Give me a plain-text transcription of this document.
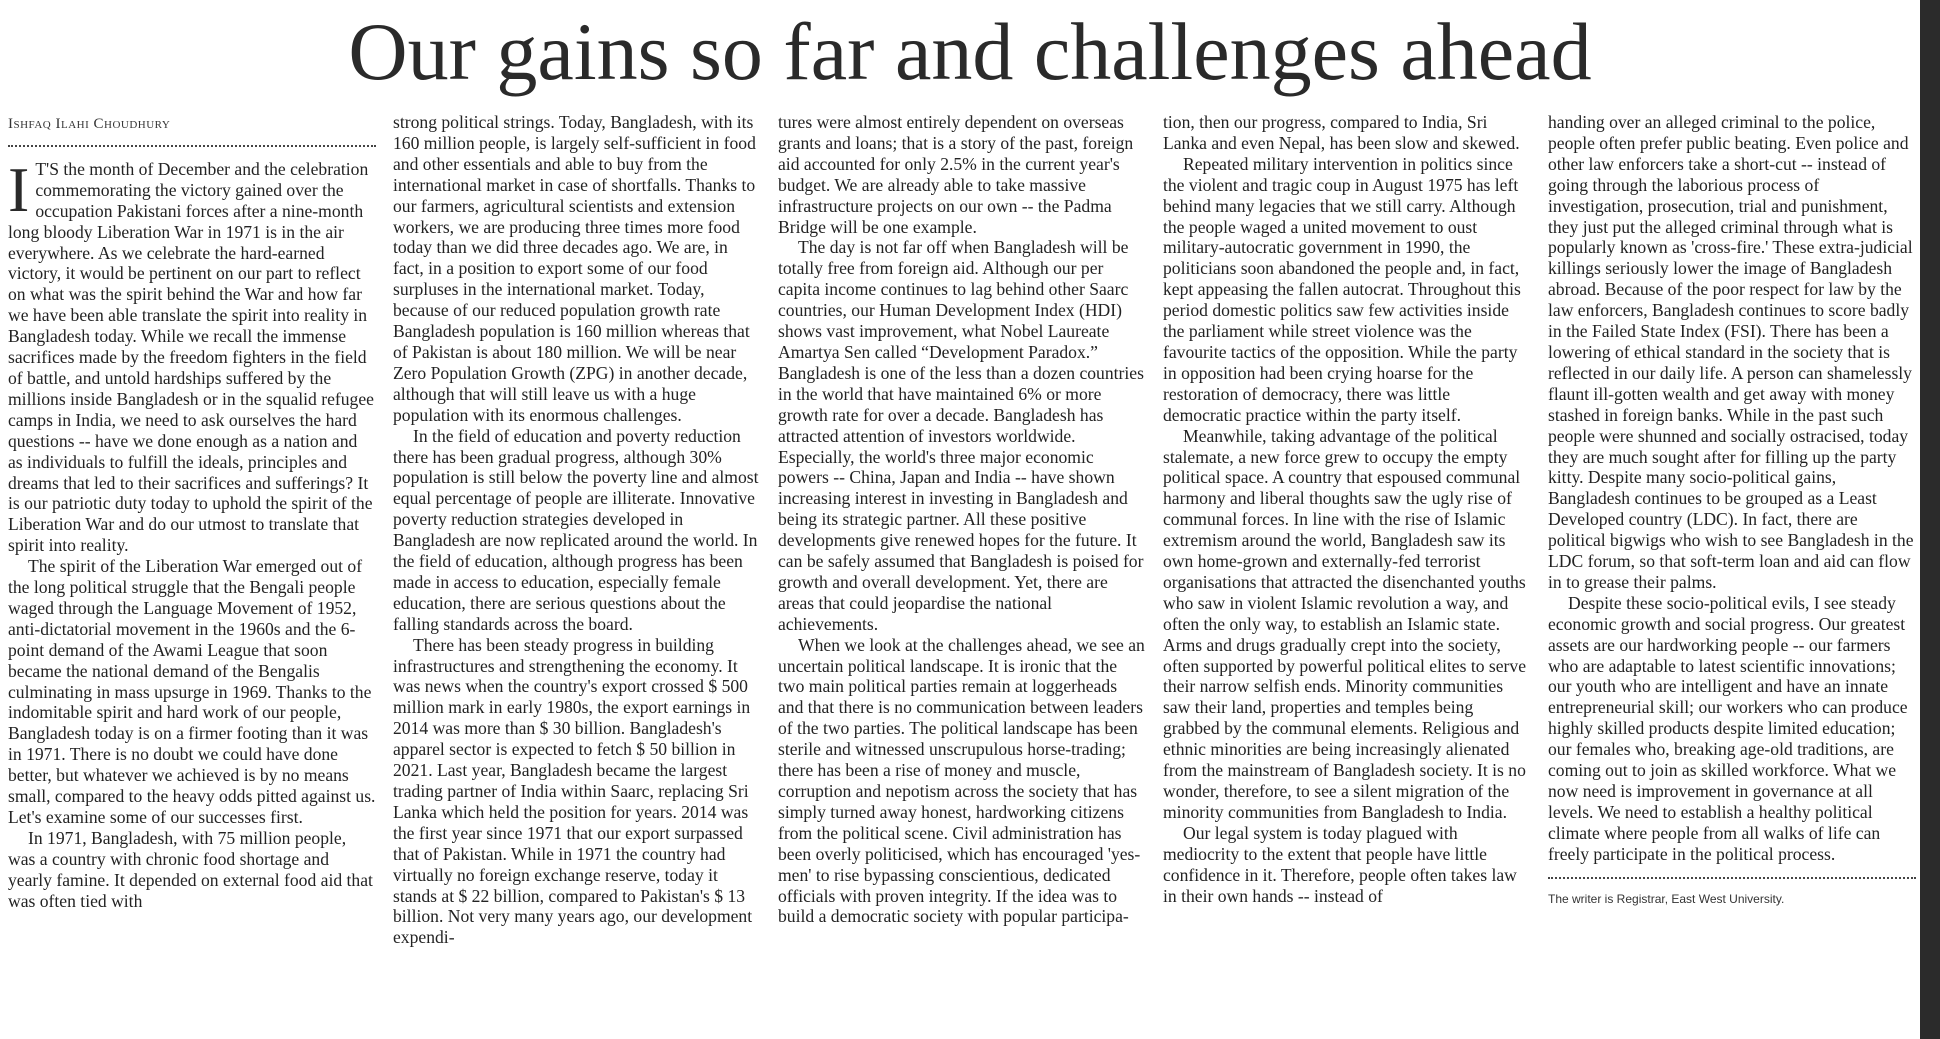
Our gains so far and challenges ahead
Ishfaq Ilahi Choudhury
I T'S the month of December and the celebration commemorating the victory gained over the occupation Pakistani forces after a nine-month long bloody Liberation War in 1971 is in the air everywhere. As we celebrate the hard-earned victory, it would be pertinent on our part to reflect on what was the spirit behind the War and how far we have been able translate the spirit into reality in Bangladesh today. While we recall the immense sacrifices made by the freedom fighters in the field of battle, and untold hardships suffered by the millions inside Bangladesh or in the squalid refugee camps in India, we need to ask ourselves the hard questions -- have we done enough as a nation and as individuals to fulfill the ideals, principles and dreams that led to their sacrifices and sufferings? It is our patriotic duty today to uphold the spirit of the Liberation War and do our utmost to translate that spirit into reality.

The spirit of the Liberation War emerged out of the long political struggle that the Bengali people waged through the Language Movement of 1952, anti-dictatorial movement in the 1960s and the 6-point demand of the Awami League that soon became the national demand of the Bengalis culminating in mass upsurge in 1969. Thanks to the indomitable spirit and hard work of our people, Bangladesh today is on a firmer footing than it was in 1971. There is no doubt we could have done better, but whatever we achieved is by no means small, compared to the heavy odds pitted against us. Let's examine some of our successes first.

In 1971, Bangladesh, with 75 million people, was a country with chronic food shortage and yearly famine. It depended on external food aid that was often tied with

strong political strings. Today, Bangladesh, with its 160 million people, is largely self-sufficient in food and other essentials and able to buy from the international market in case of shortfalls. Thanks to our farmers, agricultural scientists and extension workers, we are producing three times more food today than we did three decades ago. We are, in fact, in a position to export some of our food surpluses in the international market. Today, because of our reduced population growth rate Bangladesh population is 160 million whereas that of Pakistan is about 180 million. We will be near Zero Population Growth (ZPG) in another decade, although that will still leave us with a huge population with its enormous challenges.

In the field of education and poverty reduction there has been gradual progress, although 30% population is still below the poverty line and almost equal percentage of people are illiterate. Innovative poverty reduction strategies developed in Bangladesh are now replicated around the world. In the field of education, although progress has been made in access to education, especially female education, there are serious questions about the falling standards across the board.

There has been steady progress in building infrastructures and strengthening the economy. It was news when the country's export crossed $ 500 million mark in early 1980s, the export earnings in 2014 was more than $ 30 billion. Bangladesh's apparel sector is expected to fetch $ 50 billion in 2021. Last year, Bangladesh became the largest trading partner of India within Saarc, replacing Sri Lanka which held the position for years. 2014 was the first year since 1971 that our export surpassed that of Pakistan. While in 1971 the country had virtually no foreign exchange reserve, today it stands at $ 22 billion, compared to Pakistan's $ 13 billion. Not very many years ago, our development expendi-

tures were almost entirely dependent on overseas grants and loans; that is a story of the past, foreign aid accounted for only 2.5% in the current year's budget. We are already able to take massive infrastructure projects on our own -- the Padma Bridge will be one example.

The day is not far off when Bangladesh will be totally free from foreign aid. Although our per capita income continues to lag behind other Saarc countries, our Human Development Index (HDI) shows vast improvement, what Nobel Laureate Amartya Sen called “Development Paradox.” Bangladesh is one of the less than a dozen countries in the world that have maintained 6% or more growth rate for over a decade. Bangladesh has attracted attention of investors worldwide. Especially, the world's three major economic powers -- China, Japan and India -- have shown increasing interest in investing in Bangladesh and being its strategic partner. All these positive developments give renewed hopes for the future. It can be safely assumed that Bangladesh is poised for growth and overall development. Yet, there are areas that could jeopardise the national achievements.

When we look at the challenges ahead, we see an uncertain political landscape. It is ironic that the two main political parties remain at loggerheads and that there is no communication between leaders of the two parties. The political landscape has been sterile and witnessed unscrupulous horse-trading; there has been a rise of money and muscle, corruption and nepotism across the society that has simply turned away honest, hardworking citizens from the political scene. Civil administration has been overly politicised, which has encouraged 'yes-men' to rise bypassing conscientious, dedicated officials with proven integrity. If the idea was to build a democratic society with popular participa-

tion, then our progress, compared to India, Sri Lanka and even Nepal, has been slow and skewed.

Repeated military intervention in politics since the violent and tragic coup in August 1975 has left behind many legacies that we still carry. Although the people waged a united movement to oust military-autocratic government in 1990, the politicians soon abandoned the people and, in fact, kept appeasing the fallen autocrat. Throughout this period domestic politics saw few activities inside the parliament while street violence was the favourite tactics of the opposition. While the party in opposition had been crying hoarse for the restoration of democracy, there was little democratic practice within the party itself.

Meanwhile, taking advantage of the political stalemate, a new force grew to occupy the empty political space. A country that espoused communal harmony and liberal thoughts saw the ugly rise of communal forces. In line with the rise of Islamic extremism around the world, Bangladesh saw its own home-grown and externally-fed terrorist organisations that attracted the disenchanted youths who saw in violent Islamic revolution a way, and often the only way, to establish an Islamic state. Arms and drugs gradually crept into the society, often supported by powerful political elites to serve their narrow selfish ends. Minority communities saw their land, properties and temples being grabbed by the communal elements. Religious and ethnic minorities are being increasingly alienated from the mainstream of Bangladesh society. It is no wonder, therefore, to see a silent migration of the minority communities from Bangladesh to India.

Our legal system is today plagued with mediocrity to the extent that people have little confidence in it. Therefore, people often takes law in their own hands -- instead of

handing over an alleged criminal to the police, people often prefer public beating. Even police and other law enforcers take a short-cut -- instead of going through the laborious process of investigation, prosecution, trial and punishment, they just put the alleged criminal through what is popularly known as 'cross-fire.' These extra-judicial killings seriously lower the image of Bangladesh abroad. Because of the poor respect for law by the law enforcers, Bangladesh continues to score badly in the Failed State Index (FSI). There has been a lowering of ethical standard in the society that is reflected in our daily life. A person can shamelessly flaunt ill-gotten wealth and get away with money stashed in foreign banks. While in the past such people were shunned and socially ostracised, today they are much sought after for filling up the party kitty. Despite many socio-political gains, Bangladesh continues to be grouped as a Least Developed country (LDC). In fact, there are political bigwigs who wish to see Bangladesh in the LDC forum, so that soft-term loan and aid can flow in to grease their palms.

Despite these socio-political evils, I see steady economic growth and social progress. Our greatest assets are our hardworking people -- our farmers who are adaptable to latest scientific innovations; our youth who are intelligent and have an innate entrepreneurial skill; our workers who can produce highly skilled products despite limited education; our females who, breaking age-old traditions, are coming out to join as skilled workforce. What we now need is improvement in governance at all levels. We need to establish a healthy political climate where people from all walks of life can freely participate in the political process.

The writer is Registrar, East West University.
